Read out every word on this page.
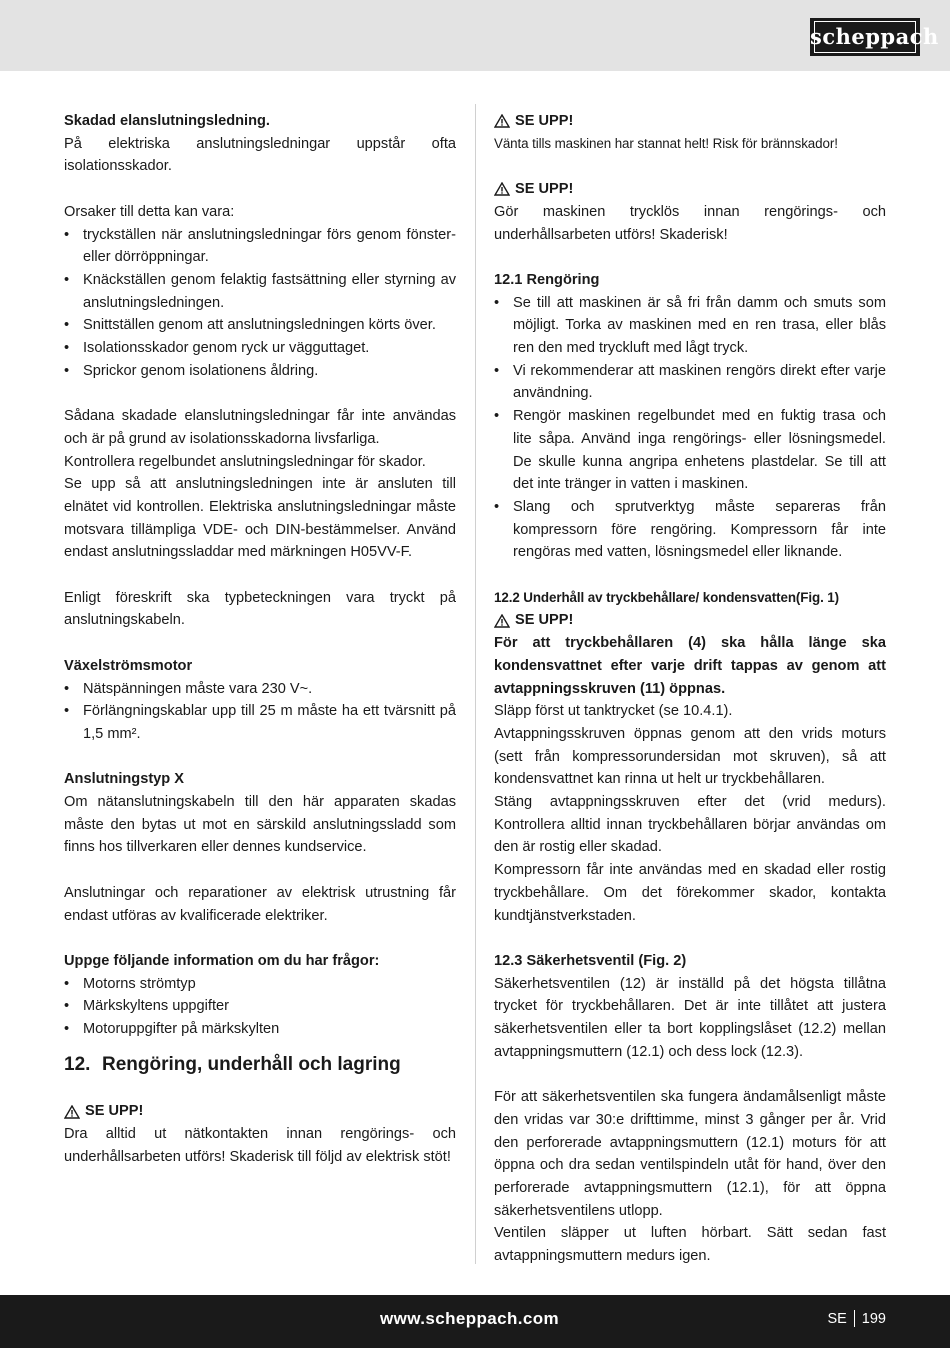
scheppach

Skadad elanslutningsledning.

På elektriska anslutningsledningar uppstår ofta isolationsskador.

Orsaker till detta kan vara:

• tryckställen när anslutningsledningar förs genom fönster- eller dörröppningar.
• Knäckställen genom felaktig fastsättning eller styrning av anslutningsledningen.
• Snittställen genom att anslutningsledningen körts över.
• Isolationsskador genom ryck ur vägguttaget.
• Sprickor genom isolationens åldring.

Sådana skadade elanslutningsledningar får inte användas och är på grund av isolationsskadorna livsfarliga.

Kontrollera regelbundet anslutningsledningar för skador.

Se upp så att anslutningsledningen inte är ansluten till elnätet vid kontrollen. Elektriska anslutningsledningar måste motsvara tillämpliga VDE- och DIN-bestämmelser. Använd endast anslutningssladdar med märkningen H05VV-F.

Enligt föreskrift ska typbeteckningen vara tryckt på anslutningskabeln.

Växelströmsmotor

• Nätspänningen måste vara 230 V~.
• Förlängningskablar upp till 25 m måste ha ett tvärsnitt på 1,5 mm².

Anslutningstyp X

Om nätanslutningskabeln till den här apparaten skadas måste den bytas ut mot en särskild anslutningssladd som finns hos tillverkaren eller dennes kundservice.

Anslutningar och reparationer av elektrisk utrustning får endast utföras av kvalificerade elektriker.

Uppge följande information om du har frågor:

• Motorns strömtyp
• Märkskyltens uppgifter
• Motoruppgifter på märkskylten
12. Rengöring, underhåll och lagring

SE UPP!

Dra alltid ut nätkontakten innan rengörings- och underhållsarbeten utförs! Skaderisk till följd av elektrisk stöt!

SE UPP!

Vänta tills maskinen har stannat helt! Risk för brännskador!

SE UPP!

Gör maskinen trycklös innan rengörings- och underhållsarbeten utförs! Skaderisk!

12.1 Rengöring

• Se till att maskinen är så fri från damm och smuts som möjligt. Torka av maskinen med en ren trasa, eller blås ren den med tryckluft med lågt tryck.
• Vi rekommenderar att maskinen rengörs direkt efter varje användning.
• Rengör maskinen regelbundet med en fuktig trasa och lite såpa. Använd inga rengörings- eller lösningsmedel. De skulle kunna angripa enhetens plastdelar. Se till att det inte tränger in vatten i maskinen.
• Slang och sprutverktyg måste separeras från kompressorn före rengöring. Kompressorn får inte rengöras med vatten, lösningsmedel eller liknande.

12.2 Underhåll av tryckbehållare/ kondensvatten(Fig. 1)

SE UPP!

För att tryckbehållaren (4) ska hålla länge ska kondensvattnet efter varje drift tappas av genom att avtappningsskruven (11) öppnas.

Släpp först ut tanktrycket (se 10.4.1).

Avtappningsskruven öppnas genom att den vrids moturs (sett från kompressorundersidan mot skruven), så att kondensvattnet kan rinna ut helt ur tryckbehållaren.

Stäng avtappningsskruven efter det (vrid medurs). Kontrollera alltid innan tryckbehållaren börjar användas om den är rostig eller skadad.

Kompressorn får inte användas med en skadad eller rostig tryckbehållare. Om det förekommer skador, kontakta kundtjänstverkstaden.

12.3 Säkerhetsventil (Fig. 2)

Säkerhetsventilen (12) är inställd på det högsta tillåtna trycket för tryckbehållaren. Det är inte tillåtet att justera säkerhetsventilen eller ta bort kopplingslåset (12.2) mellan avtappningsmuttern (12.1) och dess lock (12.3).

För att säkerhetsventilen ska fungera ändamålsenligt måste den vridas var 30:e drifttimme, minst 3 gånger per år. Vrid den perforerade avtappningsmuttern (12.1) moturs för att öppna och dra sedan ventilspindeln utåt för hand, över den perforerade avtappningsmuttern (12.1), för att öppna säkerhetsventilens utlopp.

Ventilen släpper ut luften hörbart. Sätt sedan fast avtappningsmuttern medurs igen.

www.scheppach.com	SE 199
